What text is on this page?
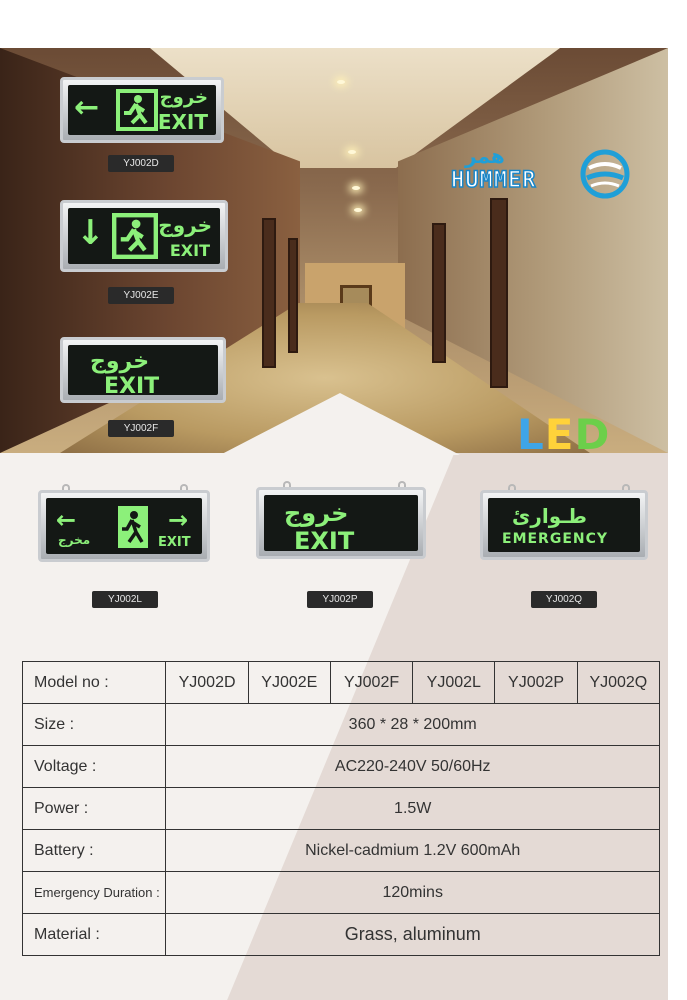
همر
HUMMER
LED
←	خروج
EXIT
YJ002D
↓	خروج
EXIT
YJ002E
خروج
EXIT
YJ002F
←
مخرج
→
EXIT
YJ002L
خروج
EXIT
YJ002P
طـوارئ
EMERGENCY
YJ002Q
Model no :	YJ002D	YJ002E	YJ002F	YJ002L	YJ002P	YJ002Q
Size :	360 * 28 * 200mm					
Voltage :	AC220-240V 50/60Hz					
Power :	1.5W					
Battery :	Nickel-cadmium 1.2V 600mAh					
Emergency Duration :	120mins					
Material :	Grass, aluminum					
